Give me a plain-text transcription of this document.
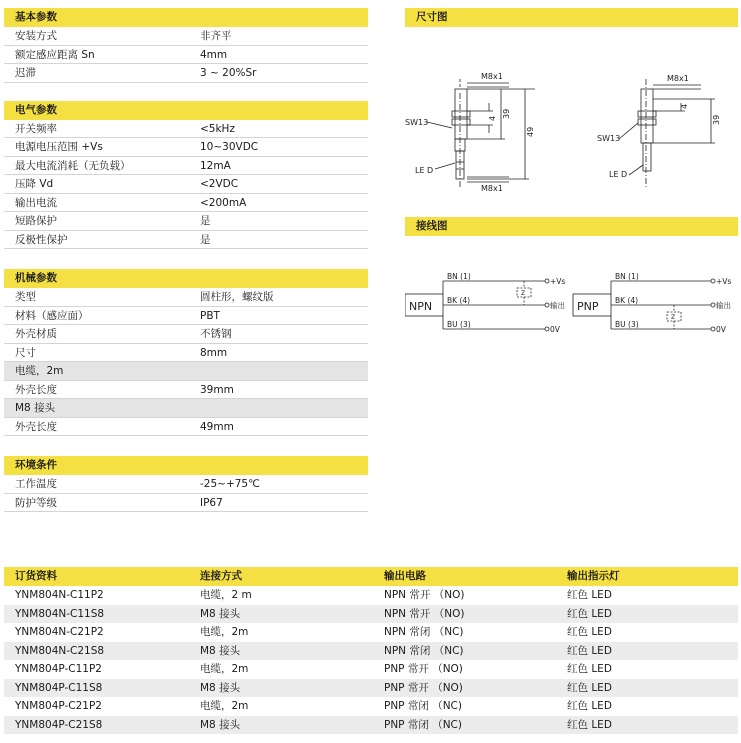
基本参数
安装方式	非齐平
额定感应距离 Sn	4mm
迟滞	3 ~ 20%Sr
电气参数
开关频率	<5kHz
电源电压范围 +Vs	10~30VDC
最大电流消耗（无负载）	12mA
压降 Vd	<2VDC
输出电流	<200mA
短路保护	是
反极性保护	是
机械参数
类型	圆柱形，螺纹版
材料（感应面）	PBT
外壳材质	不锈钢
尺寸	8mm
电缆，2m
外壳长度	39mm
M8 接头
外壳长度	49mm
环境条件
工作温度	-25~+75℃
防护等级	IP67
尺寸图
M8x1
M8x1
SW13
LE D
4 39
49
M8x1
SW13
LE D
4
39
接线图
NPN
BN (1)
BK (4)
BU (3)
+Vs
输出
0V
Z
PNP
BN (1)
BK (4)
BU (3)
+Vs
输出
0V
Z
订货资料	连接方式	输出电路	输出指示灯
YNM804N-C11P2	电缆，2 m	NPN 常开 （NO)	红色 LED
YNM804N-C11S8	M8 接头	NPN 常开 （NO)	红色 LED
YNM804N-C21P2	电缆，2m	NPN 常闭 （NC)	红色 LED
YNM804N-C21S8	M8 接头	NPN 常闭 （NC)	红色 LED
YNM804P-C11P2	电缆，2m	PNP 常开 （NO)	红色 LED
YNM804P-C11S8	M8 接头	PNP 常开 （NO)	红色 LED
YNM804P-C21P2	电缆，2m	PNP 常闭 （NC)	红色 LED
YNM804P-C21S8	M8 接头	PNP 常闭 （NC)	红色 LED
